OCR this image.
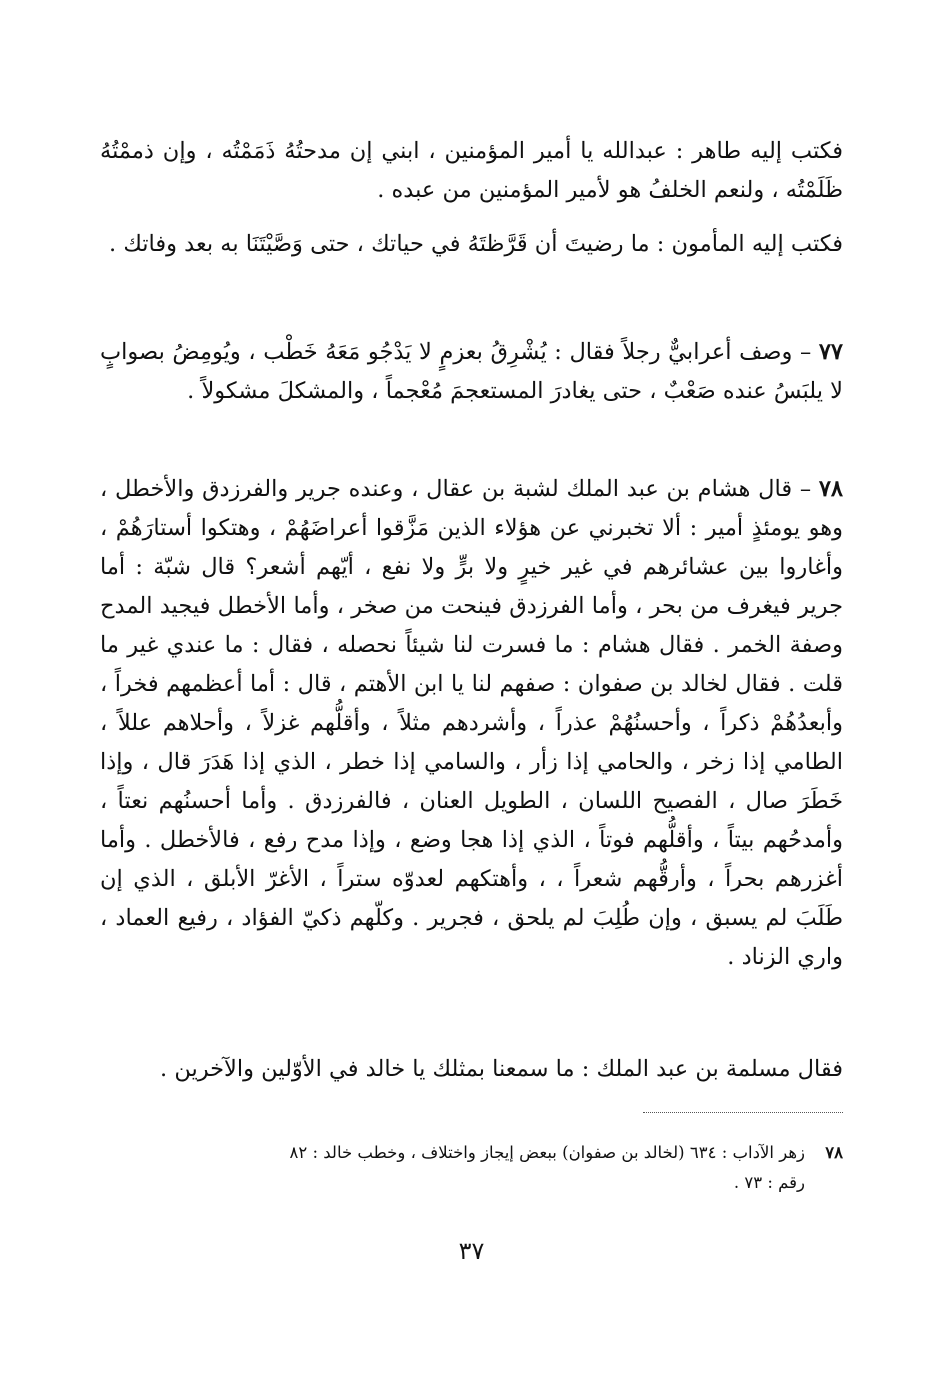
فكتب إليه طاهر : عبدالله يا أمير المؤمنين ، ابني إن مدحتُهُ ذَمَمْتُه ، وإن ذممْتُهُ ظَلَمْتُه ، ولنعم الخلفُ هو لأمير المؤمنين من عبده .

فكتب إليه المأمون : ما رضيتَ أن قَرَّظتَهُ في حياتك ، حتى وَصَّيْتَنَا به بعد وفاتك .

٧٧ – وصف أعرابيٌّ رجلاً فقال : يُشْرِقُ بعزمٍ لا يَدْجُو مَعَهُ خَطْب ، ويُومِضُ بصوابٍ لا يلبَسُ عنده صَعْبٌ ، حتى يغادرَ المستعجمَ مُعْجماً ، والمشكلَ مشكولاً .

٧٨ – قال هشام بن عبد الملك لشبة بن عقال ، وعنده جرير والفرزدق والأخطل ، وهو يومئذٍ أمير : ألا تخبرني عن هؤلاء الذين مَزَّقوا أعراضَهُمْ ، وهتكوا أستارَهُمْ ، وأغاروا بين عشائرهم في غير خيرٍ ولا برٍّ ولا نفع ، أيّهم أشعر؟ قال شبّة : أما جرير فيغرف من بحر ، وأما الفرزدق فينحت من صخر ، وأما الأخطل فيجيد المدح وصفة الخمر . فقال هشام : ما فسرت لنا شيئاً نحصله ، فقال : ما عندي غير ما قلت . فقال لخالد بن صفوان : صفهم لنا يا ابن الأهتم ، قال : أما أعظمهم فخراً ، وأبعدُهُمْ ذكراً ، وأحسنُهُمْ عذراً ، وأشردهم مثلاً ، وأقلُّهم غزلاً ، وأحلاهم عللاً ، الطامي إذا زخر ، والحامي إذا زأر ، والسامي إذا خطر ، الذي إذا هَدَرَ قال ، وإذا خَطَرَ صال ، الفصيح اللسان ، الطويل العنان ، فالفرزدق . وأما أحسنُهم نعتاً ، وأمدحُهم بيتاً ، وأقلُّهم فوتاً ، الذي إذا هجا وضع ، وإذا مدح رفع ، فالأخطل . وأما أغزرهم بحراً ، وأرقُّهم شعراً ، ، وأهتكهم لعدوّه ستراً ، الأغرّ الأبلق ، الذي إن طَلَبَ لم يسبق ، وإن طُلِبَ لم يلحق ، فجرير . وكلّهم ذكيّ الفؤاد ، رفيع العماد ، واري الزناد .

فقال مسلمة بن عبد الملك : ما سمعنا بمثلك يا خالد في الأوّلين والآخرين .

٧٨زهر الآداب : ٦٣٤ (لخالد بن صفوان) ببعض إيجاز واختلاف ، وخطب خالد : ٨٢
رقم : ٧٣ .
٣٧
